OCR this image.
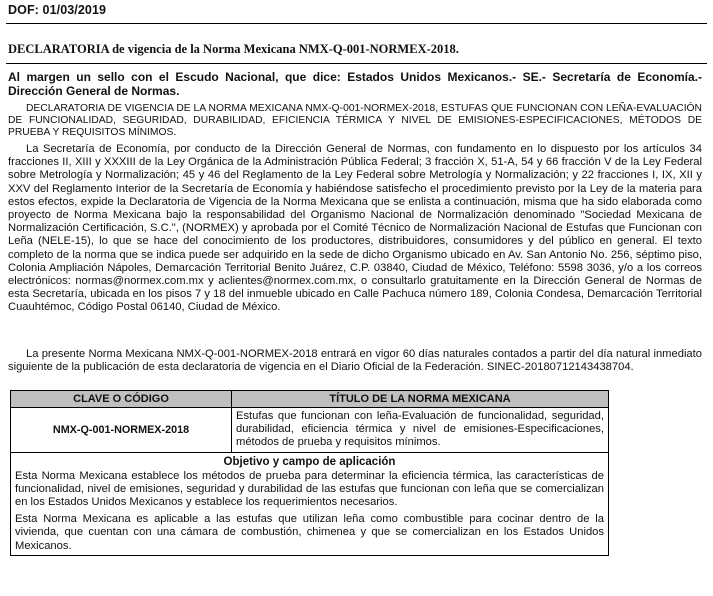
DOF: 01/03/2019
DECLARATORIA de vigencia de la Norma Mexicana NMX-Q-001-NORMEX-2018.
Al margen un sello con el Escudo Nacional, que dice: Estados Unidos Mexicanos.- SE.- Secretaría de Economía.- Dirección General de Normas.
DECLARATORIA DE VIGENCIA DE LA NORMA MEXICANA NMX-Q-001-NORMEX-2018, ESTUFAS QUE FUNCIONAN CON LEÑA-EVALUACIÓN DE FUNCIONALIDAD, SEGURIDAD, DURABILIDAD, EFICIENCIA TÉRMICA Y NIVEL DE EMISIONES-ESPECIFICACIONES, MÉTODOS DE PRUEBA Y REQUISITOS MÍNIMOS.
La Secretaría de Economía, por conducto de la Dirección General de Normas, con fundamento en lo dispuesto por los artículos 34 fracciones II, XIII y XXXIII de la Ley Orgánica de la Administración Pública Federal; 3 fracción X, 51-A, 54 y 66 fracción V de la Ley Federal sobre Metrología y Normalización; 45 y 46 del Reglamento de la Ley Federal sobre Metrología y Normalización; y 22 fracciones I, IX, XII y XXV del Reglamento Interior de la Secretaría de Economía y habiéndose satisfecho el procedimiento previsto por la Ley de la materia para estos efectos, expide la Declaratoria de Vigencia de la Norma Mexicana que se enlista a continuación, misma que ha sido elaborada como proyecto de Norma Mexicana bajo la responsabilidad del Organismo Nacional de Normalización denominado "Sociedad Mexicana de Normalización Certificación, S.C.", (NORMEX) y aprobada por el Comité Técnico de Normalización Nacional de Estufas que Funcionan con Leña (NELE-15), lo que se hace del conocimiento de los productores, distribuidores, consumidores y del público en general. El texto completo de la norma que se indica puede ser adquirido en la sede de dicho Organismo ubicado en Av. San Antonio No. 256, séptimo piso, Colonia Ampliación Nápoles, Demarcación Territorial Benito Juárez, C.P. 03840, Ciudad de México, Teléfono: 5598 3036, y/o a los correos electrónicos: normas@normex.com.mx y aclientes@normex.com.mx, o consultarlo gratuitamente en la Dirección General de Normas de esta Secretaría, ubicada en los pisos 7 y 18 del inmueble ubicado en Calle Pachuca número 189, Colonia Condesa, Demarcación Territorial Cuauhtémoc, Código Postal 06140, Ciudad de México.
La presente Norma Mexicana NMX-Q-001-NORMEX-2018 entrará en vigor 60 días naturales contados a partir del día natural inmediato siguiente de la publicación de esta declaratoria de vigencia en el Diario Oficial de la Federación. SINEC-20180712143438704.
CLAVE O CÓDIGO	TÍTULO DE LA NORMA MEXICANA
NMX-Q-001-NORMEX-2018	Estufas que funcionan con leña-Evaluación de funcionalidad, seguridad, durabilidad, eficiencia térmica y nivel de emisiones-Especificaciones, métodos de prueba y requisitos mínimos.

Objetivo y campo de aplicación

Esta Norma Mexicana establece los métodos de prueba para determinar la eficiencia térmica, las características de funcionalidad, nivel de emisiones, seguridad y durabilidad de las estufas que funcionan con leña que se comercializan en los Estados Unidos Mexicanos y establece los requerimientos necesarios.

Esta Norma Mexicana es aplicable a las estufas que utilizan leña como combustible para cocinar dentro de la vivienda, que cuentan con una cámara de combustión, chimenea y que se comercializan en los Estados Unidos Mexicanos.	
